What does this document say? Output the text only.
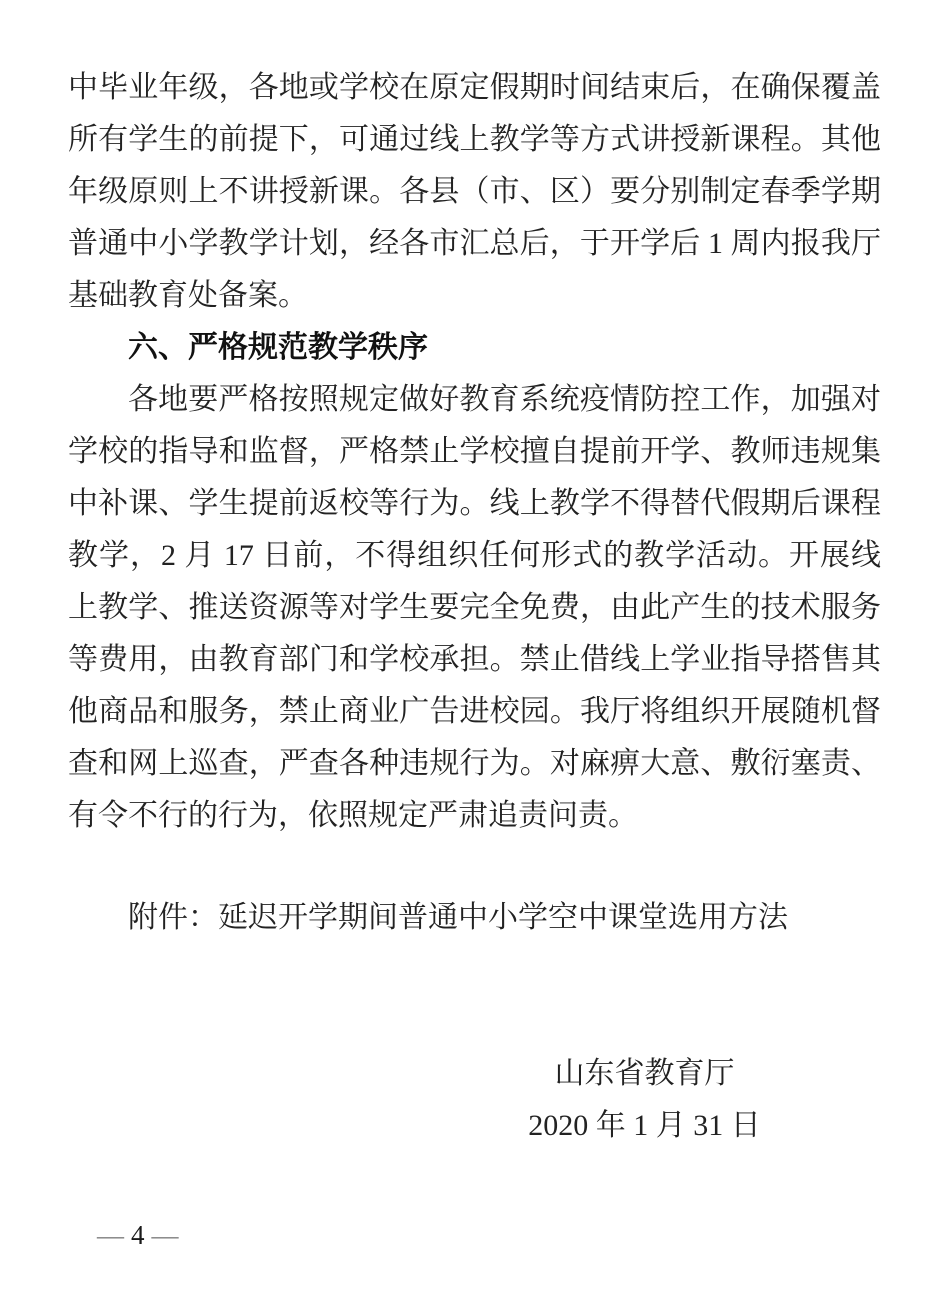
中毕业年级，各地或学校在原定假期时间结束后，在确保覆盖所有学生的前提下，可通过线上教学等方式讲授新课程。其他年级原则上不讲授新课。各县（市、区）要分别制定春季学期普通中小学教学计划，经各市汇总后，于开学后 1 周内报我厅基础教育处备案。

六、严格规范教学秩序

各地要严格按照规定做好教育系统疫情防控工作，加强对学校的指导和监督，严格禁止学校擅自提前开学、教师违规集中补课、学生提前返校等行为。线上教学不得替代假期后课程教学，2 月 17 日前，不得组织任何形式的教学活动。开展线上教学、推送资源等对学生要完全免费，由此产生的技术服务等费用，由教育部门和学校承担。禁止借线上学业指导搭售其他商品和服务，禁止商业广告进校园。我厅将组织开展随机督查和网上巡查，严查各种违规行为。对麻痹大意、敷衍塞责、有令不行的行为，依照规定严肃追责问责。

附件：延迟开学期间普通中小学空中课堂选用方法

山东省教育厅

2020 年 1 月 31 日

— 4 —
